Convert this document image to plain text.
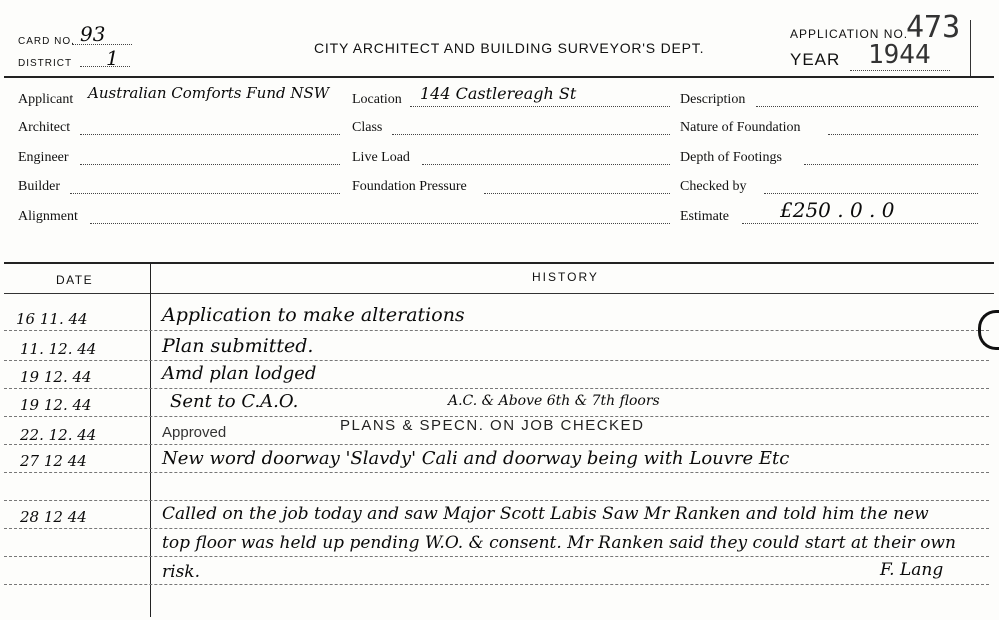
CARD NO. 93
DISTRICT 1	CITY ARCHITECT AND BUILDING SURVEYOR'S DEPT.
APPLICATION NO.
473
YEAR 1944
Applicant Australian Comforts Fund NSW
Architect
Engineer
Builder
Alignment
Location 144 Castlereagh St
Class
Live Load
Foundation Pressure
Description
Nature of Foundation
Depth of Footings
Checked by
Estimate	£250 . 0 . 0
DATE	HISTORY
16 11. 44	Application to make alterations
11. 12. 44	Plan submitted.
19 12. 44	Amd plan lodged
19 12. 44	Sent to C.A.O.	A.C. & Above 6th & 7th floors
PLANS & SPECN. ON JOB CHECKED
22. 12. 44	Approved
27 12 44	New word doorway 'Slavdy' Cali and doorway being with Louvre Etc
28 12 44	Called on the job today and saw Major Scott Labis Saw Mr Ranken and told him the new top floor was held up pending W.O. & consent. Mr Ranken said they could start at their own risk.	F. Lang
